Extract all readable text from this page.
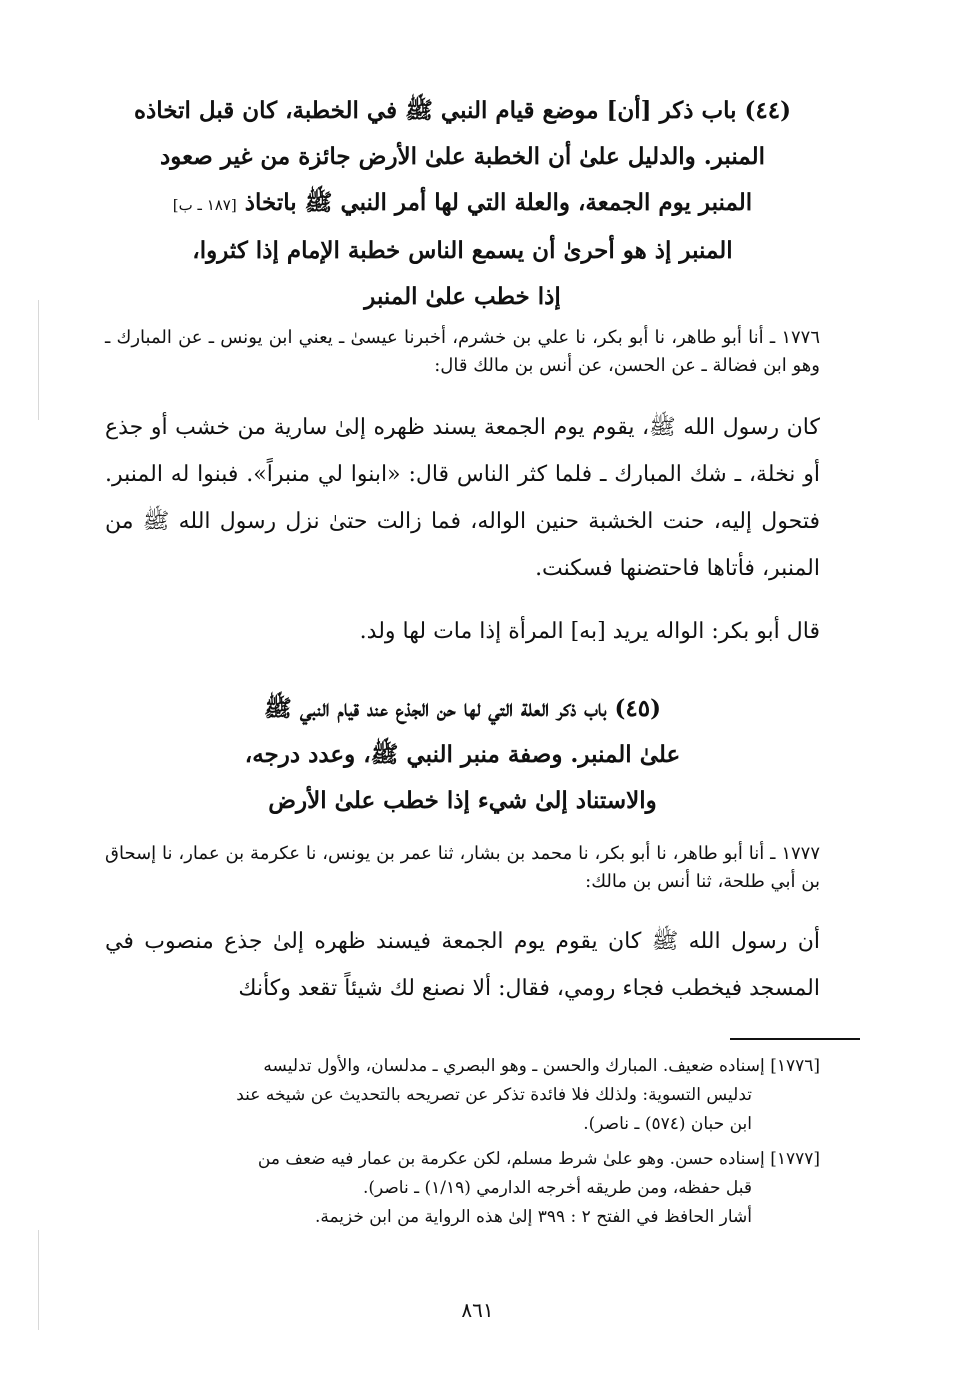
(٤٤) باب ذكر [أن] موضع قيام النبي ﷺ في الخطبة، كان قبل اتخاذه
المنبر. والدليل علىٰ أن الخطبة علىٰ الأرض جائزة من غير صعود
المنبر يوم الجمعة، والعلة التي لها أمر النبي ﷺ باتخاذ [١٨٧ ـ ب]
المنبر إذ هو أحرىٰ أن يسمع الناس خطبة الإمام إذا كثروا،
إذا خطب علىٰ المنبر
١٧٧٦ ـ أنا أبو طاهر، نا أبو بكر، نا علي بن خشرم، أخبرنا عيسىٰ ـ يعني ابن يونس ـ عن المبارك ـ وهو ابن فضالة ـ عن الحسن، عن أنس بن مالك قال:
كان رسول الله ﷺ، يقوم يوم الجمعة يسند ظهره إلىٰ سارية من خشب أو جذع أو نخلة، ـ شك المبارك ـ فلما كثر الناس قال: «ابنوا لي منبراً». فبنوا له المنبر. فتحول إليه، حنت الخشبة حنين الواله، فما زالت حتىٰ نزل رسول الله ﷺ من المنبر، فأتاها فاحتضنها فسكنت.
قال أبو بكر: الواله يريد [به] المرأة إذا مات لها ولد.
(٤٥) باب ذكر العلة التي لها حن الجذع عند قيام النبي ﷺ
علىٰ المنبر. وصفة منبر النبي ﷺ، وعدد درجه،
والاستناد إلىٰ شيء إذا خطب علىٰ الأرض
١٧٧٧ ـ أنا أبو طاهر، نا أبو بكر، نا محمد بن بشار، ثنا عمر بن يونس، نا عكرمة بن عمار، نا إسحاق بن أبي طلحة، ثنا أنس بن مالك:
أن رسول الله ﷺ كان يقوم يوم الجمعة فيسند ظهره إلىٰ جذع منصوب في المسجد فيخطب فجاء رومي، فقال: ألا نصنع لك شيئاً تقعد وكأنك
[١٧٧٦] إسناده ضعيف. المبارك والحسن ـ وهو البصري ـ مدلسان، والأول تدليسه
تدليس التسوية: ولذلك فلا فائدة تذكر عن تصريحه بالتحديث عن شيخه عند
ابن حبان (٥٧٤) ـ ناصر).
[١٧٧٧] إسناده حسن. وهو علىٰ شرط مسلم، لكن عكرمة بن عمار فيه ضعف من
قبل حفظه، ومن طريقه أخرجه الدارمي (١/١٩) ـ ناصر).
أشار الحافظ في الفتح ٢ : ٣٩٩ إلىٰ هذه الرواية من ابن خزيمة.
٨٦١
